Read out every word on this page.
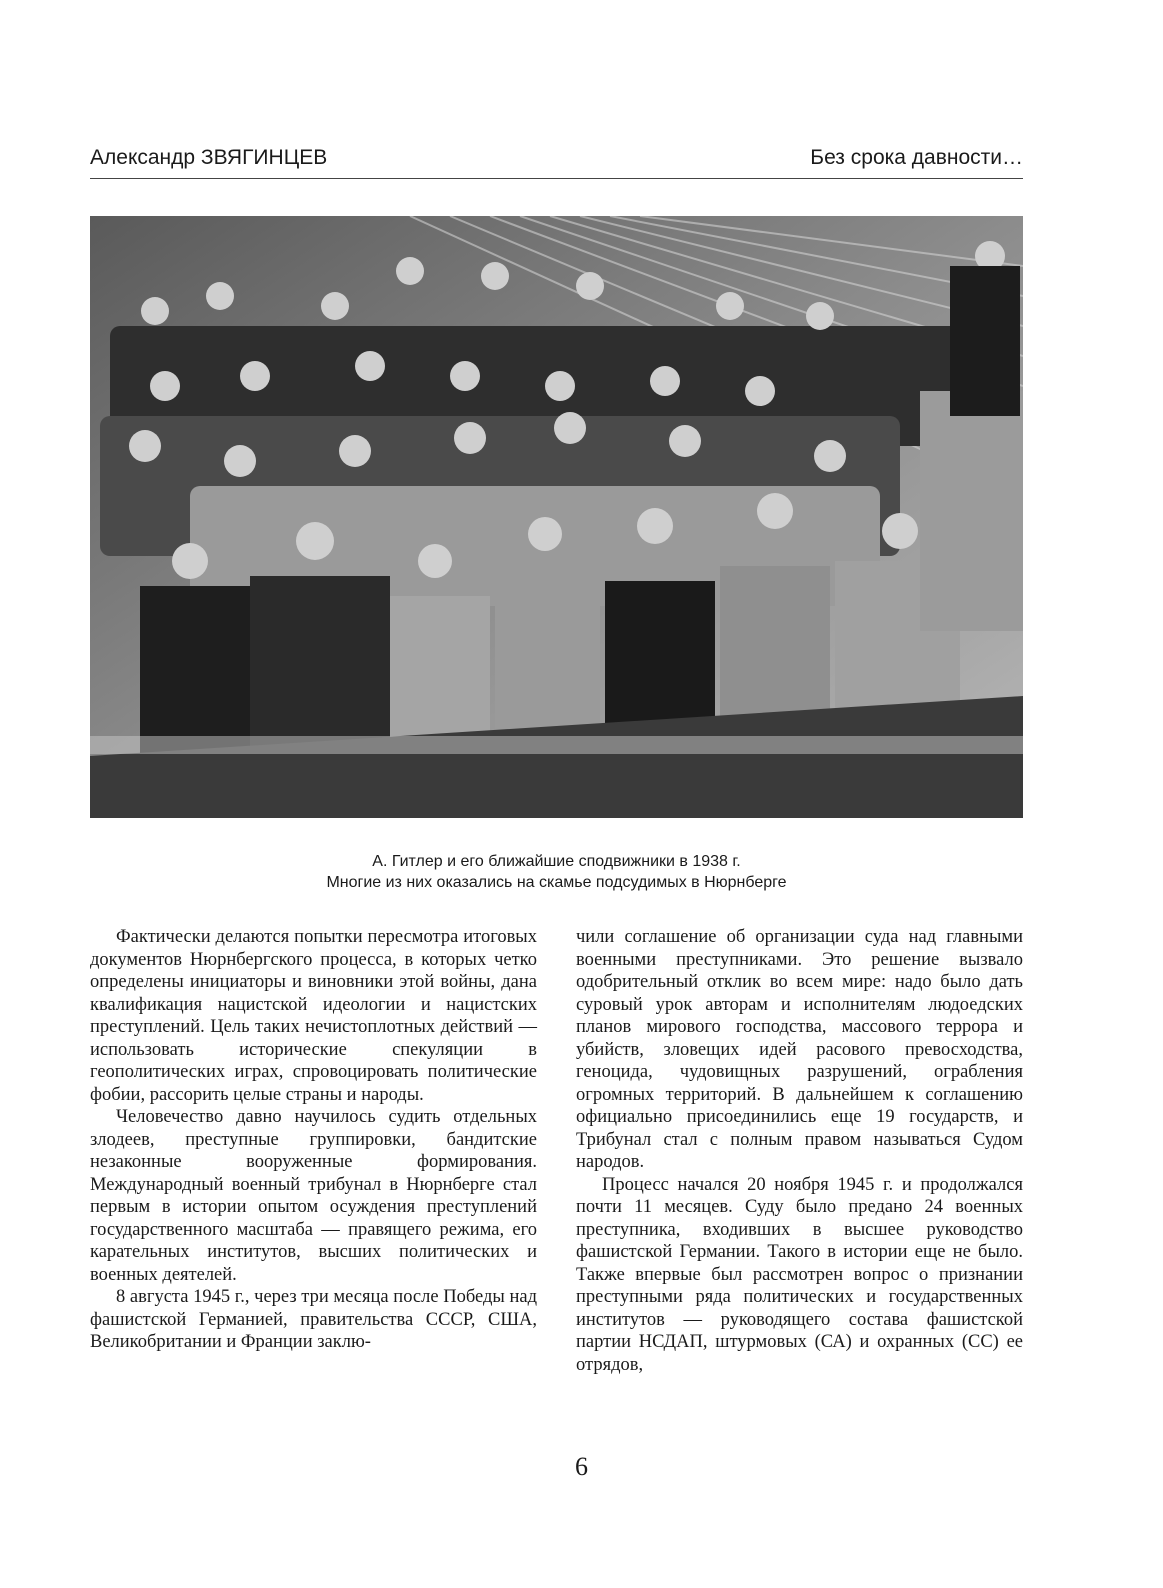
Александр ЗВЯГИНЦЕВ	Без срока давности…
А. Гитлер и его ближайшие сподвижники в 1938 г.
Многие из них оказались на скамье подсудимых в Нюрнберге

Фактически делаются попытки пересмотра итоговых документов Нюрнбергского процесса, в которых четко определены инициаторы и виновники этой войны, дана квалификация нацистской идеологии и нацистских преступлений. Цель таких нечистоплотных действий — использовать исторические спекуляции в геополитических играх, спровоцировать политические фобии, рассорить целые страны и народы.

Человечество давно научилось судить отдельных злодеев, преступные группировки, бандитские незаконные вооруженные формирования. Международный военный трибунал в Нюрнберге стал первым в истории опытом осуждения преступлений государственного масштаба — правящего режима, его карательных институтов, высших политических и военных деятелей.

8 августа 1945 г., через три месяца после Победы над фашистской Германией, правительства СССР, США, Великобритании и Франции заклю-

чили соглашение об организации суда над главными военными преступниками. Это решение вызвало одобрительный отклик во всем мире: надо было дать суровый урок авторам и исполнителям людоедских планов мирового господства, массового террора и убийств, зловещих идей расового превосходства, геноцида, чудовищных разрушений, ограбления огромных территорий. В дальнейшем к соглашению официально присоединились еще 19 государств, и Трибунал стал с полным правом называться Судом народов.

Процесс начался 20 ноября 1945 г. и продолжался почти 11 месяцев. Суду было предано 24 военных преступника, входивших в высшее руководство фашистской Германии. Такого в истории еще не было. Также впервые был рассмотрен вопрос о признании преступными ряда политических и государственных институтов — руководящего состава фашистской партии НСДАП, штурмовых (СА) и охранных (СС) ее отрядов,

6
